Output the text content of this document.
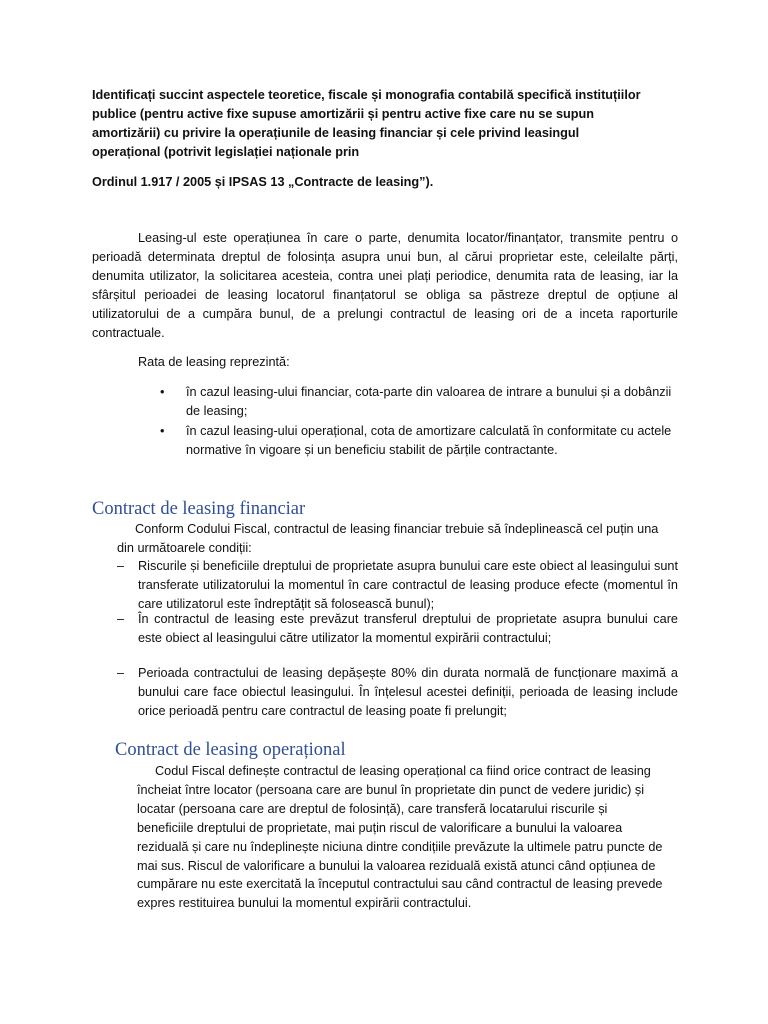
Identificați succint aspectele teoretice, fiscale și monografia contabilă specifică instituțiilor
publice (pentru active fixe supuse amortizării și pentru active fixe care nu se supun
amortizării) cu privire la operațiunile de leasing financiar și cele privind leasingul
operațional (potrivit legislației naționale prin
Ordinul 1.917 / 2005 și IPSAS 13 „Contracte de leasing”).
Leasing-ul este operațiunea în care o parte, denumita locator/finanțator, transmite pentru o perioadă determinata dreptul de folosința asupra unui bun, al cărui proprietar este, celeilalte părți, denumita utilizator, la solicitarea acesteia, contra unei plați periodice, denumita rata de leasing, iar la sfârșitul perioadei de leasing locatorul finanțatorul se obliga sa păstreze dreptul de opțiune al utilizatorului de a cumpăra bunul, de a prelungi contractul de leasing ori de a inceta raporturile contractuale.
Rata de leasing reprezintă:
• în cazul leasing-ului financiar, cota-parte din valoarea de intrare a bunului și a dobânzii de leasing;
• în cazul leasing-ului operațional, cota de amortizare calculată în conformitate cu actele normative în vigoare și un beneficiu stabilit de părțile contractante.
Contract de leasing financiar
Conform Codului Fiscal, contractul de leasing financiar trebuie să îndeplinească cel puțin una din următoarele condiții:
– Riscurile și beneficiile dreptului de proprietate asupra bunului care este obiect al leasingului sunt transferate utilizatorului la momentul în care contractul de leasing produce efecte (momentul în care utilizatorul este îndreptățit să folosească bunul);
– În contractul de leasing este prevăzut transferul dreptului de proprietate asupra bunului care este obiect al leasingului către utilizator la momentul expirării contractului;
– Perioada contractului de leasing depășește 80% din durata normală de funcționare maximă a bunului care face obiectul leasingului. În înțelesul acestei definiții, perioada de leasing include orice perioadă pentru care contractul de leasing poate fi prelungit;
Contract de leasing operațional
Codul Fiscal definește contractul de leasing operațional ca fiind orice contract de leasing încheiat între locator (persoana care are bunul în proprietate din punct de vedere juridic) și locatar (persoana care are dreptul de folosință), care transferă locatarului riscurile și beneficiile dreptului de proprietate, mai puțin riscul de valorificare a bunului la valoarea reziduală și care nu îndeplinește niciuna dintre condițiile prevăzute la ultimele patru puncte de mai sus. Riscul de valorificare a bunului la valoarea reziduală există atunci când opțiunea de cumpărare nu este exercitată la începutul contractului sau când contractul de leasing prevede expres restituirea bunului la momentul expirării contractului.
